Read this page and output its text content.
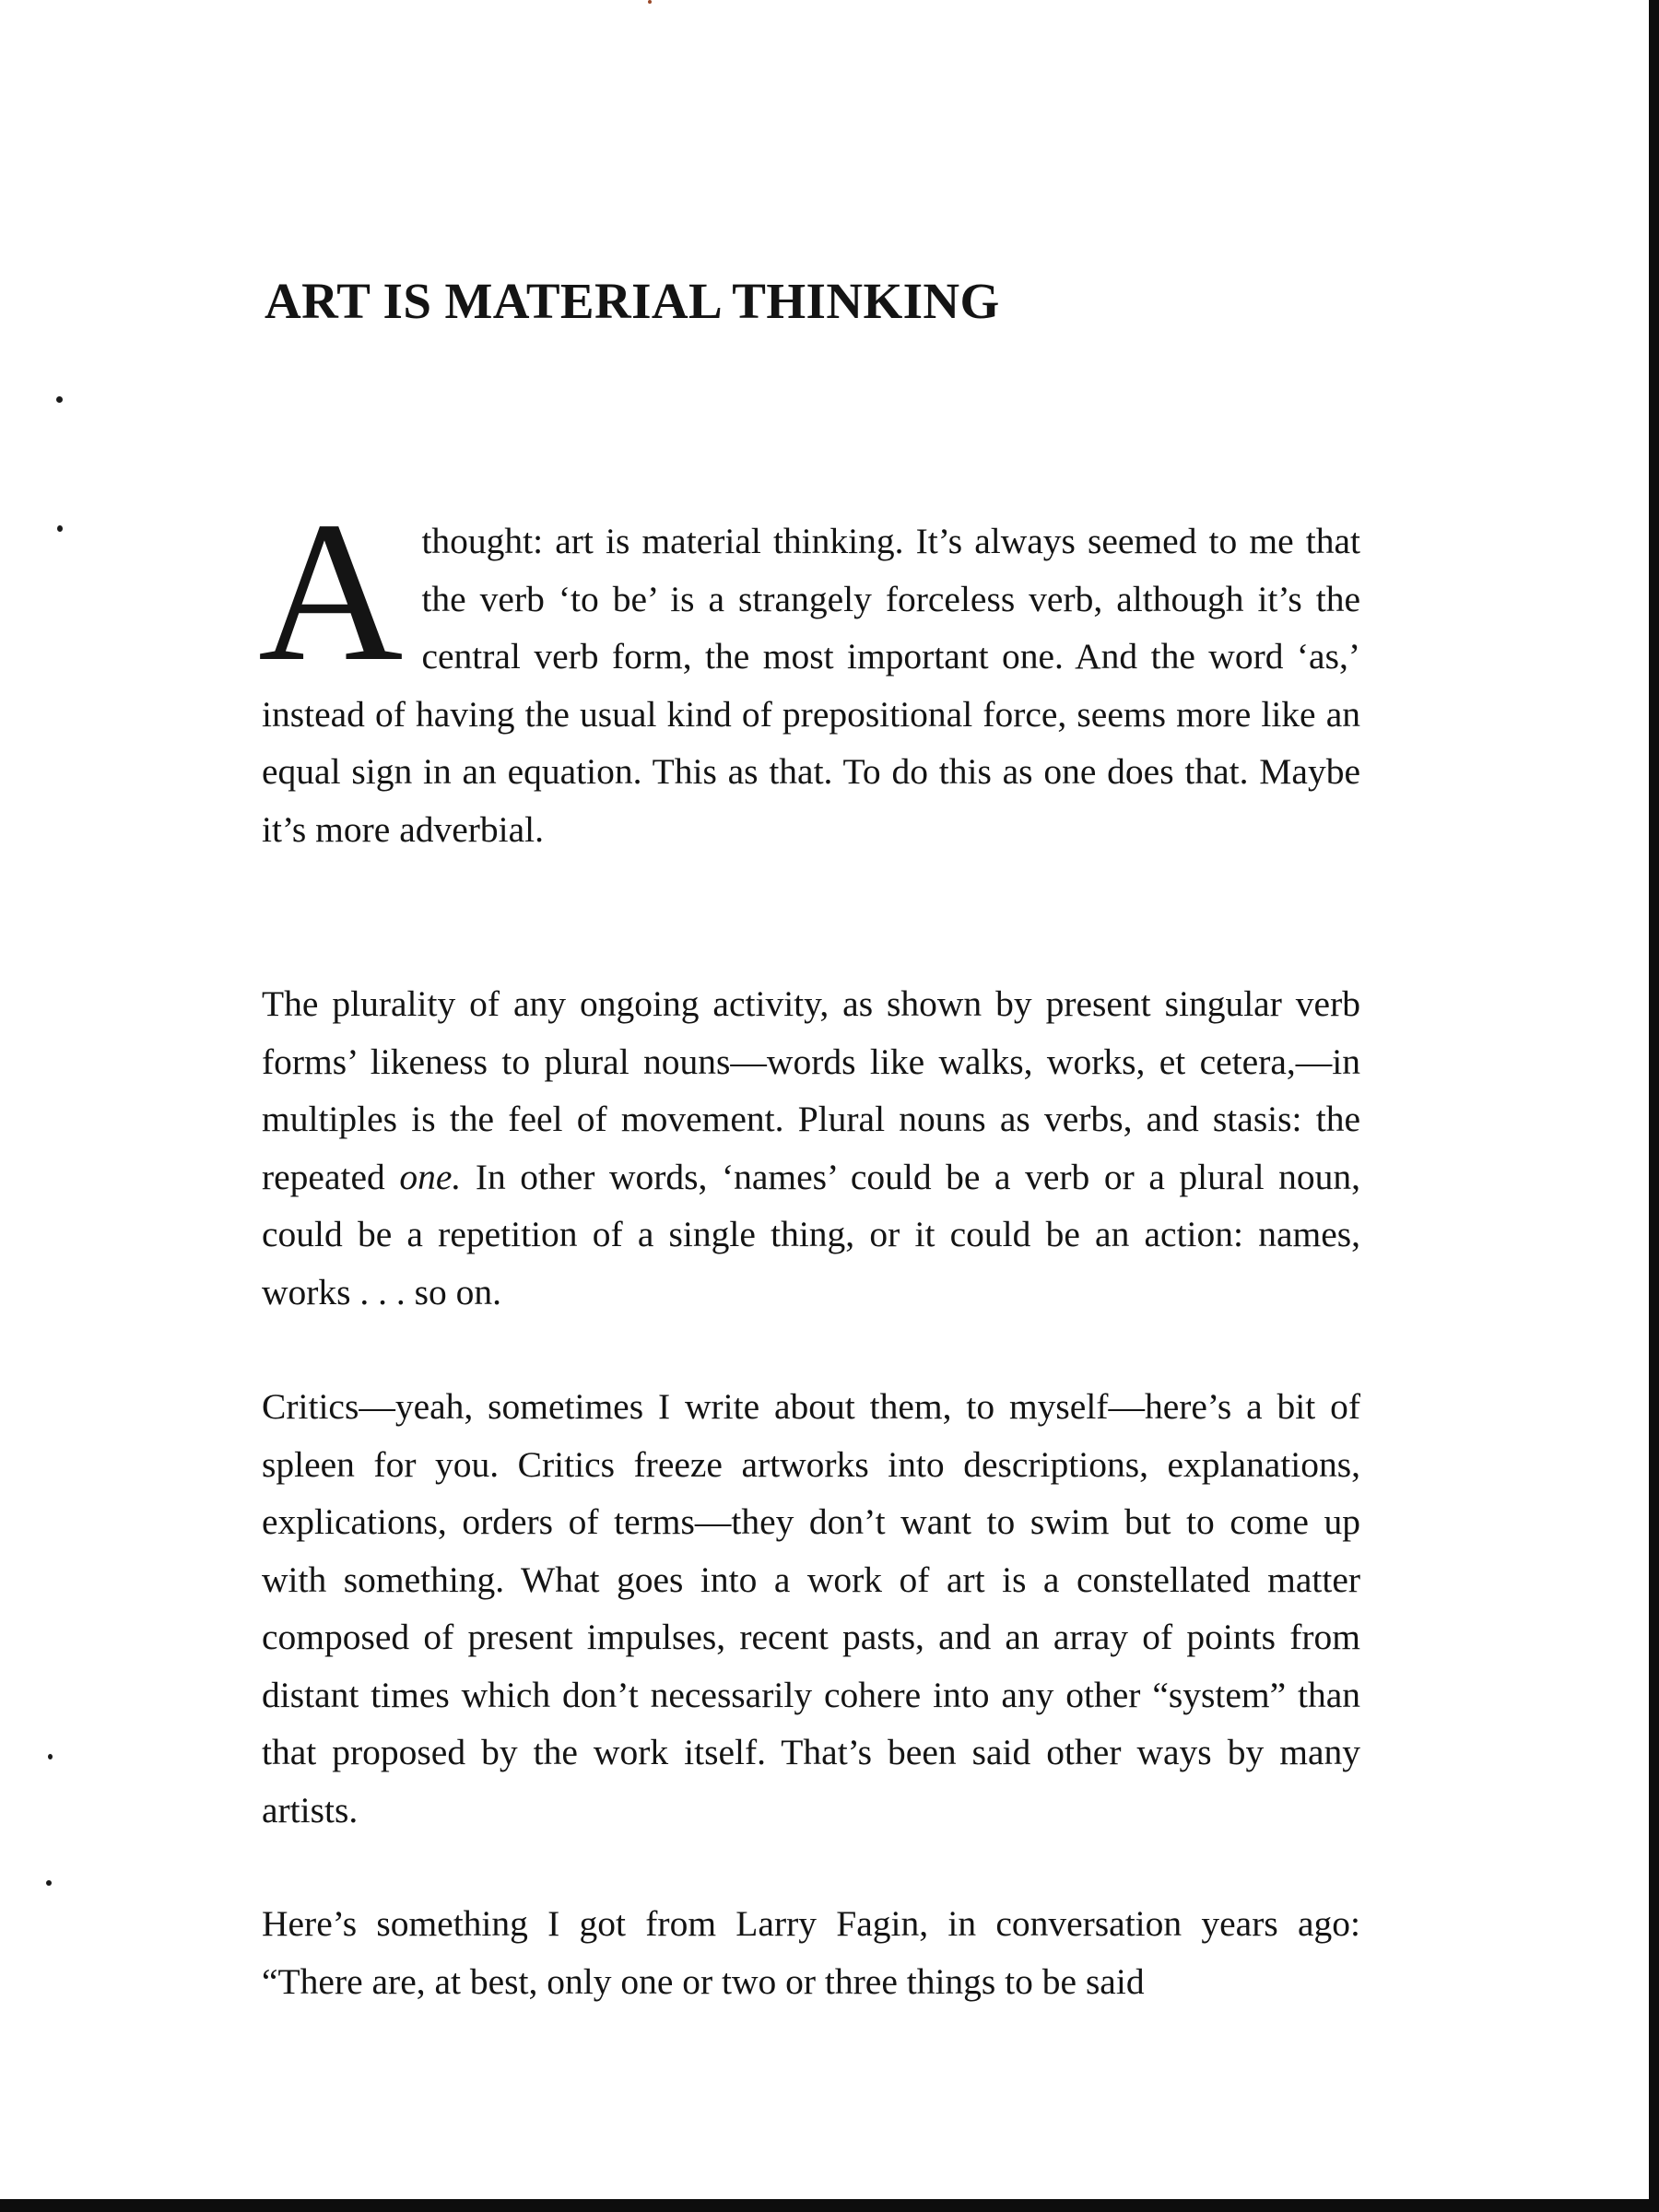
ART IS MATERIAL THINKING

A thought: art is material thinking. It’s always seemed to me that the verb ‘to be’ is a strangely forceless verb, although it’s the central verb form, the most important one. And the word ‘as,’ instead of having the usual kind of prepositional force, seems more like an equal sign in an equation. This as that. To do this as one does that. Maybe it’s more adverbial.

The plurality of any ongoing activity, as shown by present singular verb forms’ likeness to plural nouns—words like walks, works, et cetera,—in multiples is the feel of movement. Plural nouns as verbs, and stasis: the repeated one. In other words, ‘names’ could be a verb or a plural noun, could be a repetition of a single thing, or it could be an action: names, works . . . so on.

Critics—yeah, sometimes I write about them, to myself—here’s a bit of spleen for you. Critics freeze artworks into descriptions, explanations, explications, orders of terms—they don’t want to swim but to come up with something. What goes into a work of art is a constellated matter composed of present impulses, recent pasts, and an array of points from distant times which don’t necessarily cohere into any other “system” than that proposed by the work itself. That’s been said other ways by many artists.

Here’s something I got from Larry Fagin, in conversation years ago: “There are, at best, only one or two or three things to be said
